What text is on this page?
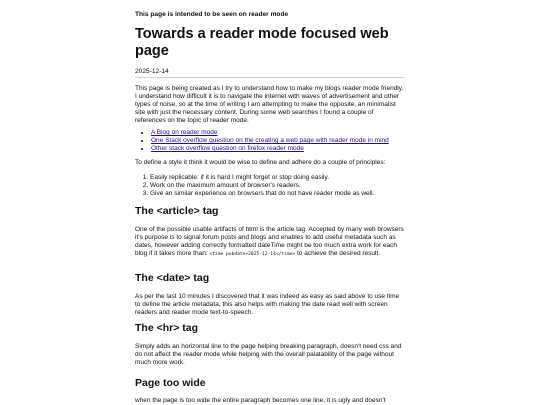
This page is intended to be seen on reader mode
Towards a reader mode focused web page
2025-12-14

This page is being created as I try to understand how to make my blogs reader mode friendly. I understand how difficult it is to navigate the internet with waves of advertisement and other types of noise, so at the time of writing I am attempting to make the opposite, an minimalist site with just the necessary content. During some web searches I found a couple of references on the topic of reader mode.

• A Blog on reader mode
• One Stack overflow question on the creating a web page with reader mode in mind
• Other stack overflow question on firefox reader mode

To define a style it think it would be wise to define and adhere do a couple of principles:

1. Easily replicable: if it is hard I might forget or stop doing easily.
2. Work on the maximum amount of browser's readers.
3. Give an similar experience on browsers that do not have reader mode as well.
The <article> tag

One of the possible usable artifacts of html is the article tag. Accepted by many web browsers it's purpose is to signal forum posts and blogs and enables to add useful metadata such as dates, however adding correctly formatted dateTime might be too much extra work for each blog if it takes more than: <time pubdate>2025-12-14</time> to achieve the desired result.

The <date> tag

As per the last 10 minutes I discovered that it was indeed as easy as said above to use time to define the article metadata, this also helps with making the date read well with screen readers and reader mode text-to-speech.

The <hr> tag

Simply adds an horizontal line to the page helping breaking paragraph, doesn't need css and do not affect the reader mode while helping with the overall palatability of the page without much more work.

Page too wide

when the page is too wide the entire paragraph becomes one line, it is ugly and doesn't
